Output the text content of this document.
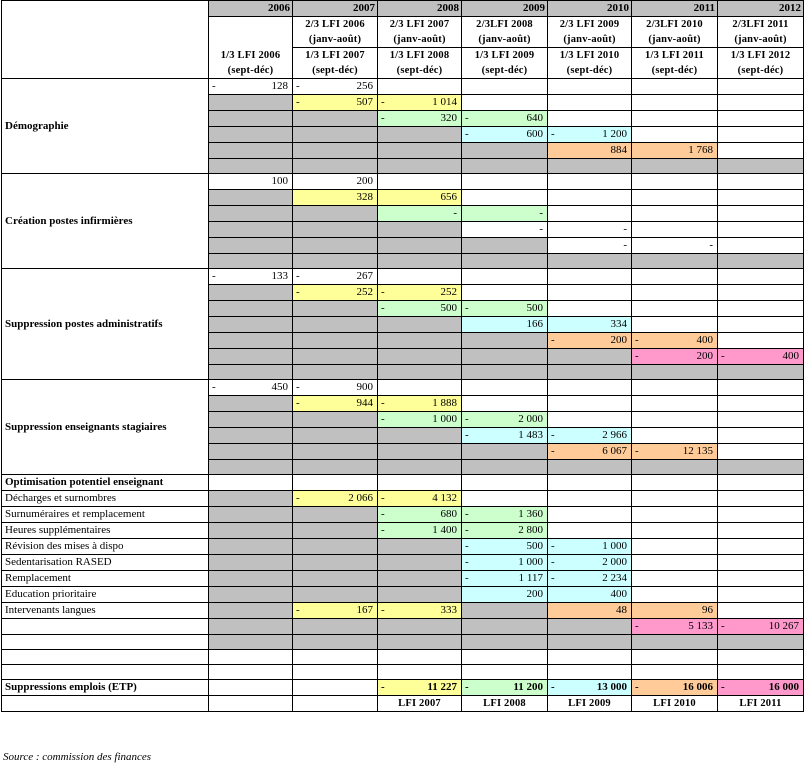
	2006	2007	2008	2009	2010	2011	2012
		2/3 LFI 2006	2/3 LFI 2007	2/3LFI 2008	2/3 LFI 2009	2/3LFI 2010	2/3LFI 2011
		(janv-août)	(janv-août)	(janv-août)	(janv-août)	(janv-août)	(janv-août)
	1/3 LFI 2006	1/3 LFI 2007	1/3 LFI 2008	1/3 LFI 2009	1/3 LFI 2010	1/3 LFI 2011	1/3 LFI 2012
	(sept-déc)	(sept-déc)	(sept-déc)	(sept-déc)	(sept-déc)	(sept-déc)	(sept-déc)
Démographie	- 128	- 256					

		- 507	- 1 014				

			- 320	- 640			

				- 600	- 1 200		
					884	1 768	

Création postes infirmières	100	200					
		328	656				
			-	-			
				-	-		
					-	-	

Suppression postes administratifs	- 133	- 267					

		- 252	- 252				

			- 500	- 500			
				166	334		

					- 200	- 400	

						- 200	- 400

Suppression enseignants stagiaires	- 450	- 900					

		- 944	- 1 888				

			- 1 000	- 2 000			

				- 1 483	- 2 966		

					- 6 067	- 12 135	

Optimisation potentiel enseignant							
Décharges et surnombres		- 2 066	- 4 132				
Surnuméraires et remplacement			- 680	- 1 360			
Heures supplémentaires			- 1 400	- 2 800			
Révision des mises à dispo				- 500	- 1 000		
Sedentarisation RASED				- 1 000	- 2 000		
Remplacement				- 1 117	- 2 234		
Education prioritaire				200	400		
Intervenants langues		- 167	- 333		48	96	

						- 5 133	- 10 267

Suppressions emplois (ETP)			- 11 227	- 11 200	- 13 000	- 16 006	- 16 000
			LFI 2007	LFI 2008	LFI 2009	LFI 2010	LFI 2011
Source : commission des finances
